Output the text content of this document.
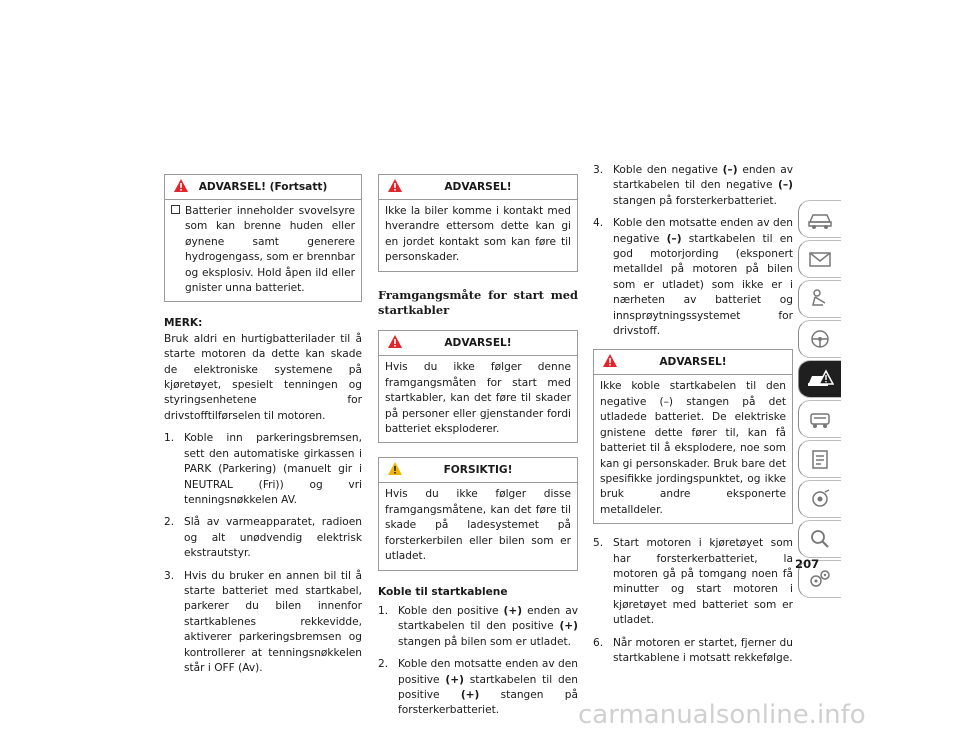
ADVARSEL! (Fortsatt)

Batterier inneholder svovelsyre som kan brenne huden eller øynene samt generere hydrogengass, som er brennbar og eksplosiv. Hold åpen ild eller gnister unna batteriet.

MERK:

Bruk aldri en hurtigbatterilader til å starte motoren da dette kan skade de elektroniske systemene på kjøretøyet, spesielt tenningen og styringsenhetene for drivstofftilførselen til motoren.

1. Koble inn parkeringsbremsen, sett den automatiske girkassen i PARK (Parkering) (manuelt gir i NEUTRAL (Fri)) og vri tenningsnøkkelen AV.
2. Slå av varmeapparatet, radioen og alt unødvendig elektrisk ekstrautstyr.
3. Hvis du bruker en annen bil til å starte batteriet med startkabel, parkerer du bilen innenfor startkablenes rekkevidde, aktiverer parkeringsbremsen og kontrollerer at tenningsnøkkelen står i OFF (Av).
ADVARSEL!
Ikke la biler komme i kontakt med hverandre ettersom dette kan gi en jordet kontakt som kan føre til personskader.

Framgangsmåte for start med startkabler

ADVARSEL!
Hvis du ikke følger denne framgangsmåten for start med startkabler, kan det føre til skader på personer eller gjenstander fordi batteriet eksploderer.
FORSIKTIG!
Hvis du ikke følger disse framgangsmåtene, kan det føre til skade på ladesystemet på forsterkerbilen eller bilen som er utladet.

Koble til startkablene

1. Koble den positive (+) enden av startkabelen til den positive (+) stangen på bilen som er utladet.
2. Koble den motsatte enden av den positive (+) startkabelen til den positive (+) stangen på forsterkerbatteriet.
3. Koble den negative (–) enden av startkabelen til den negative (–) stangen på forsterkerbatteriet.
4. Koble den motsatte enden av den negative (–) startkabelen til en god motorjording (eksponert metalldel på motoren på bilen som er utladet) som ikke er i nærheten av batteriet og innsprøytningssystemet for drivstoff.
ADVARSEL!
Ikke koble startkabelen til den negative (–) stangen på det utladede batteriet. De elektriske gnistene dette fører til, kan få batteriet til å eksplodere, noe som kan gi personskader. Bruk bare det spesifikke jordingspunktet, og ikke bruk andre eksponerte metalldeler.
5. Start motoren i kjøretøyet som har forsterkerbatteriet, la motoren gå på tomgang noen få minutter og start motoren i kjøretøyet med batteriet som er utladet.
6. Når motoren er startet, fjerner du startkablene i motsatt rekkefølge.
207
carmanualsonline.info
